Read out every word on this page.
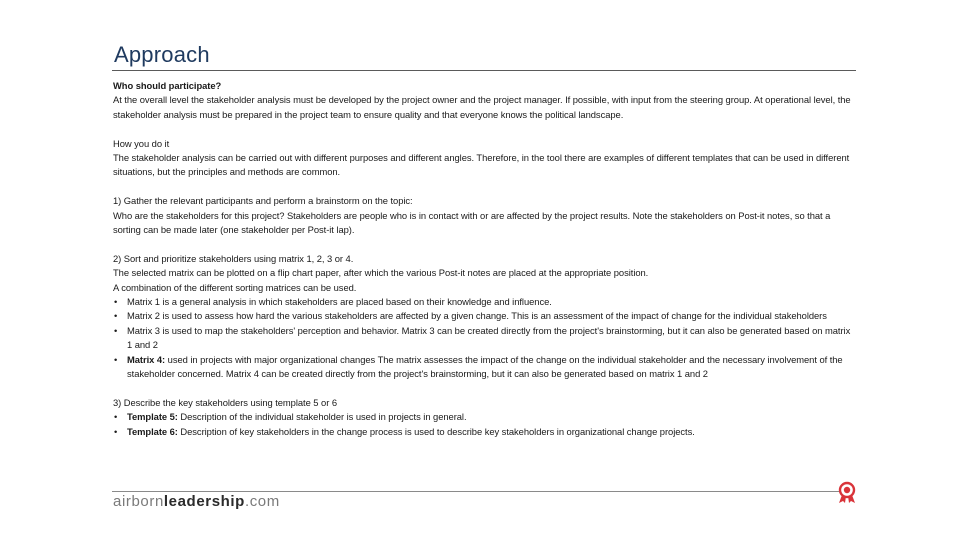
Approach

Who should participate?

At the overall level the stakeholder analysis must be developed by the project owner and the project manager. If possible, with input from the steering group. At operational level, the stakeholder analysis must be prepared in the project team to ensure quality and that everyone knows the political landscape.

How you do it

The stakeholder analysis can be carried out with different purposes and different angles. Therefore, in the tool there are examples of different templates that can be used in different situations, but the principles and methods are common.

1) Gather the relevant participants and perform a brainstorm on the topic:

Who are the stakeholders for this project? Stakeholders are people who is in contact with or are affected by the project results. Note the stakeholders on Post-it notes, so that a sorting can be made later (one stakeholder per Post-it lap).

2) Sort and prioritize stakeholders using matrix 1, 2, 3 or 4.

The selected matrix can be plotted on a flip chart paper, after which the various Post-it notes are placed at the appropriate position.

A combination of the different sorting matrices can be used.

• Matrix 1 is a general analysis in which stakeholders are placed based on their knowledge and influence.
• Matrix 2 is used to assess how hard the various stakeholders are affected by a given change. This is an assessment of the impact of change for the individual stakeholders
• Matrix 3 is used to map the stakeholders' perception and behavior. Matrix 3 can be created directly from the project's brainstorming, but it can also be generated based on matrix 1 and 2
• Matrix 4: used in projects with major organizational changes The matrix assesses the impact of the change on the individual stakeholder and the necessary involvement of the stakeholder concerned. Matrix 4 can be created directly from the project's brainstorming, but it can also be generated based on matrix 1 and 2

3) Describe the key stakeholders using template 5 or 6

• Template 5: Description of the individual stakeholder is used in projects in general.
• Template 6: Description of key stakeholders in the change process is used to describe key stakeholders in organizational change projects.
airbornleadership.com
